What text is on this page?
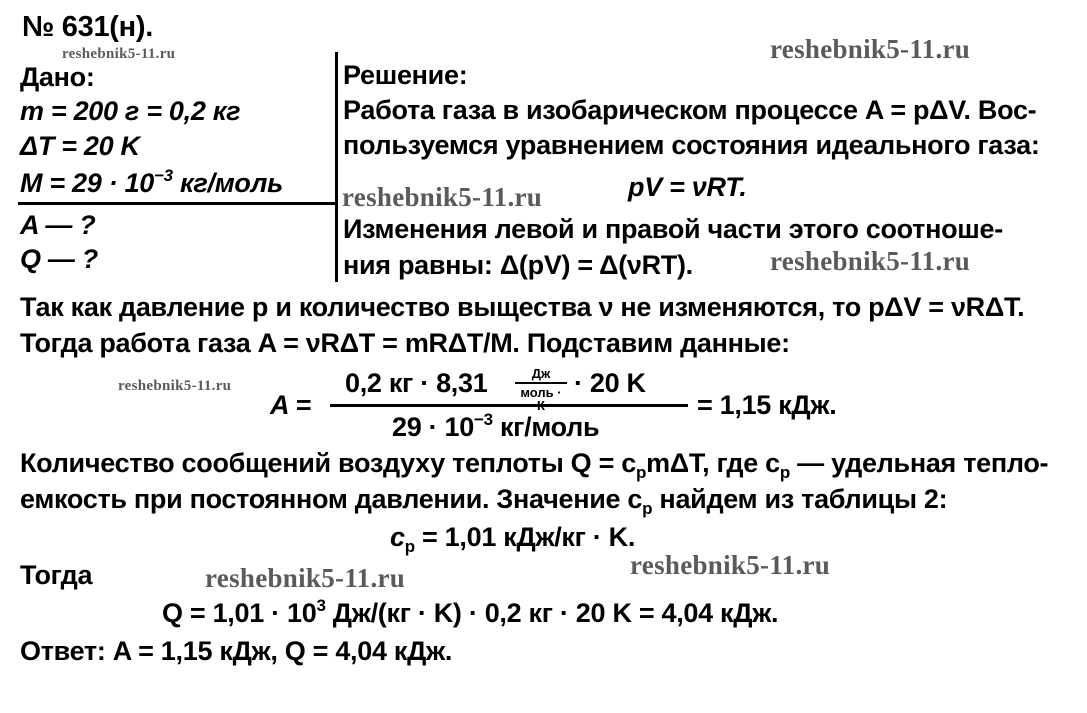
№ 631(н).
reshebnik5-11.ru	reshebnik5-11.ru
reshebnik5-11.ru
reshebnik5-11.ru
reshebnik5-11.ru
reshebnik5-11.ru	reshebnik5-11.ru
Дано:
m = 200 г = 0,2 кг
ΔT = 20 K
$M = 29 \cdot 10^{-3}$ кг/моль
A — ?
Q — ?
Решение:
Работа газа в изобарическом процессе A = pΔV. Вос-
пользуемся уравнением состояния идеального газа:
pV = νRT.
Изменения левой и правой части этого соотноше-
ния равны: Δ(pV) = Δ(νRT).
Так как давление p и количество выщества ν не изменяются, то pΔV = νRΔT.
Тогда работа газа A = νRΔT = mRΔT/M. Подставим данные:
A =
0,2 кг · 8,31	Дж
моль · · 20 K
$29 \cdot 10^{-3}$ кг/моль
= 1,15 кДж.
Количество сообщений воздуху теплоты $Q = c_pm\Delta T$, где $c_p$ — удельная тепло-
емкость при постоянном давлении. Значение $c_p$ найдем из таблицы 2:
$c_p = 1,01$ кДж/кг · K.
Тогда
$Q = 1,01 \cdot 10^3$ Дж/(кг · K) · 0,2 кг · 20 K = 4,04 кДж.
Ответ: A = 1,15 кДж, Q = 4,04 кДж.
